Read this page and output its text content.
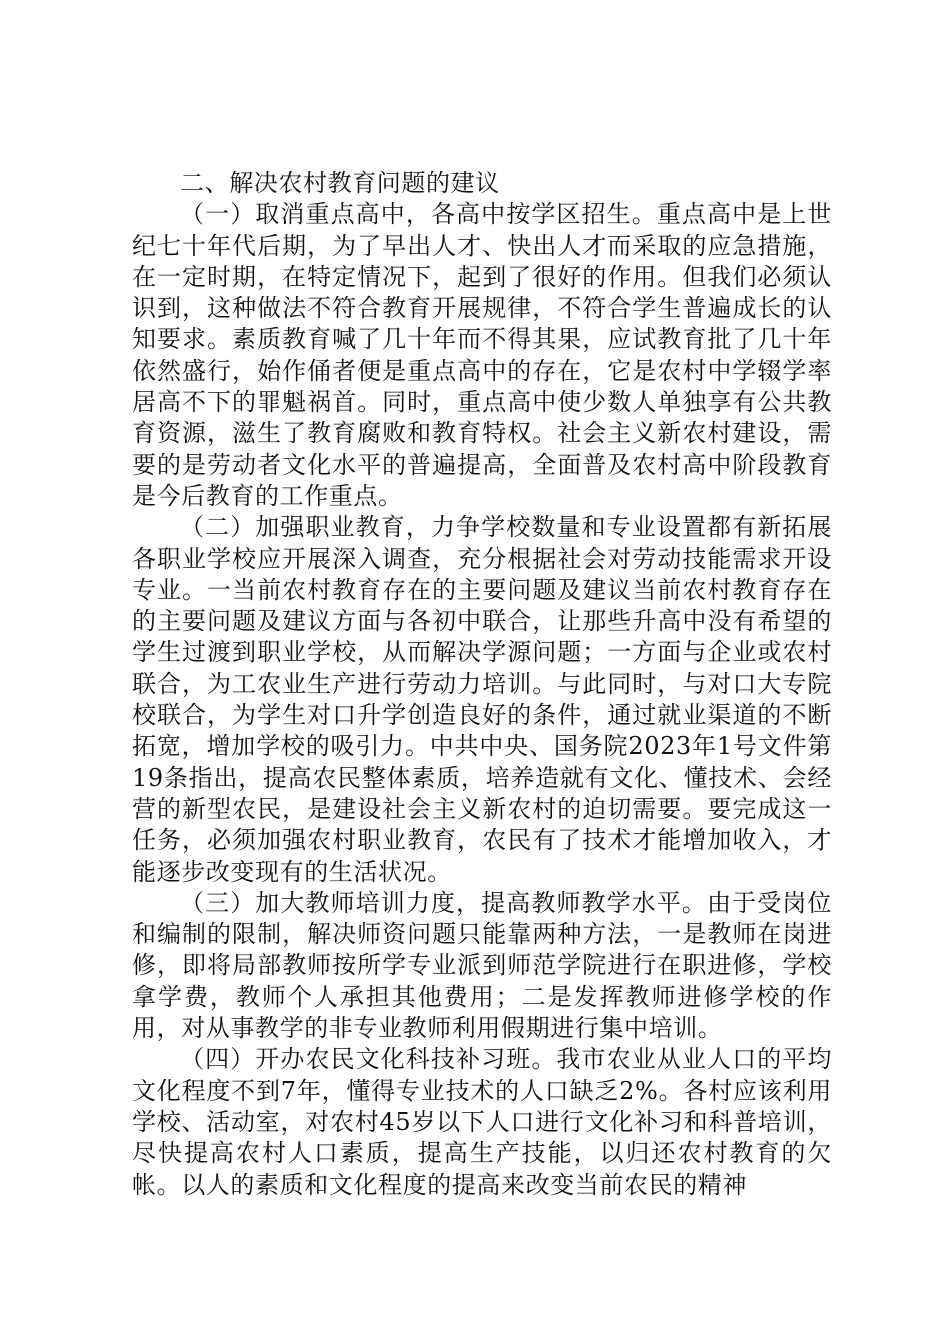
二、解决农村教育问题的建议

（一）取消重点高中，各高中按学区招生。重点高中是上世纪七十年代后期，为了早出人才、快出人才而采取的应急措施，在一定时期，在特定情况下，起到了很好的作用。但我们必须认识到，这种做法不符合教育开展规律，不符合学生普遍成长的认知要求。素质教育喊了几十年而不得其果，应试教育批了几十年依然盛行，始作俑者便是重点高中的存在，它是农村中学辍学率居高不下的罪魁祸首。同时，重点高中使少数人单独享有公共教育资源，滋生了教育腐败和教育特权。社会主义新农村建设，需要的是劳动者文化水平的普遍提高，全面普及农村高中阶段教育是今后教育的工作重点。

（二）加强职业教育，力争学校数量和专业设置都有新拓展各职业学校应开展深入调查，充分根据社会对劳动技能需求开设专业。一当前农村教育存在的主要问题及建议当前农村教育存在的主要问题及建议方面与各初中联合，让那些升高中没有希望的学生过渡到职业学校，从而解决学源问题；一方面与企业或农村联合，为工农业生产进行劳动力培训。与此同时，与对口大专院校联合，为学生对口升学创造良好的条件，通过就业渠道的不断拓宽，增加学校的吸引力。中共中央、国务院2023年1号文件第19条指出，提高农民整体素质，培养造就有文化、懂技术、会经营的新型农民，是建设社会主义新农村的迫切需要。要完成这一任务，必须加强农村职业教育，农民有了技术才能增加收入，才能逐步改变现有的生活状况。

（三）加大教师培训力度，提高教师教学水平。由于受岗位和编制的限制，解决师资问题只能靠两种方法，一是教师在岗进修，即将局部教师按所学专业派到师范学院进行在职进修，学校拿学费，教师个人承担其他费用；二是发挥教师进修学校的作用，对从事教学的非专业教师利用假期进行集中培训。

（四）开办农民文化科技补习班。我市农业从业人口的平均文化程度不到7年，懂得专业技术的人口缺乏2%。各村应该利用学校、活动室，对农村45岁以下人口进行文化补习和科普培训，尽快提高农村人口素质，提高生产技能，以归还农村教育的欠帐。以人的素质和文化程度的提高来改变当前农民的精神
